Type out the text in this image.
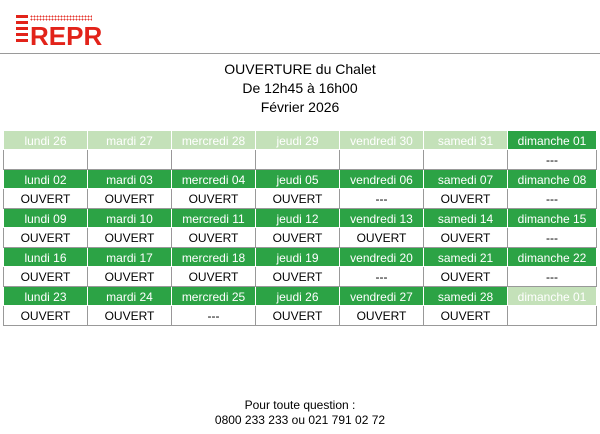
REPR
OUVERTURE du Chalet
De 12h45 à 16h00
Février 2026
lundi 26	mardi 27	mercredi 28	jeudi 29	vendredi 30	samedi 31	dimanche 01
						---
lundi 02	mardi 03	mercredi 04	jeudi 05	vendredi 06	samedi 07	dimanche 08
OUVERT	OUVERT	OUVERT	OUVERT	---	OUVERT	---
lundi 09	mardi 10	mercredi 11	jeudi 12	vendredi 13	samedi 14	dimanche 15
OUVERT	OUVERT	OUVERT	OUVERT	OUVERT	OUVERT	---
lundi 16	mardi 17	mercredi 18	jeudi 19	vendredi 20	samedi 21	dimanche 22
OUVERT	OUVERT	OUVERT	OUVERT	---	OUVERT	---
lundi 23	mardi 24	mercredi 25	jeudi 26	vendredi 27	samedi 28	dimanche 01
OUVERT	OUVERT	---	OUVERT	OUVERT	OUVERT	
Pour toute question :
0800 233 233 ou 021 791 02 72
